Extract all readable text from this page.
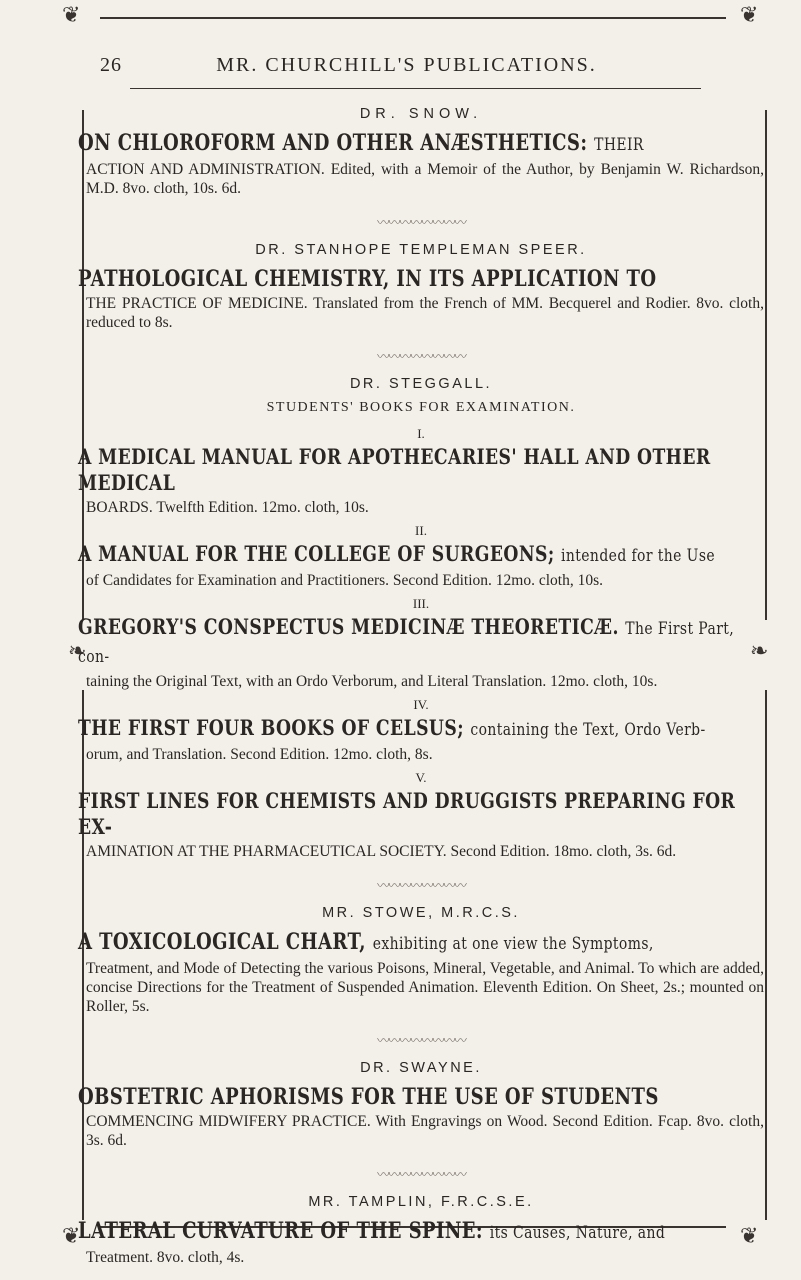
❦	❦
❦	❦
❧	❧
26	MR. CHURCHILL'S PUBLICATIONS.
DR. SNOW.
ON CHLOROFORM AND OTHER ANÆSTHETICS: THEIR
ACTION AND ADMINISTRATION. Edited, with a Memoir of the Author, by Benjamin W. Richardson, M.D. 8vo. cloth, 10s. 6d.
〰〰〰〰〰〰〰〰
DR. STANHOPE TEMPLEMAN SPEER.
PATHOLOGICAL CHEMISTRY, IN ITS APPLICATION TO
THE PRACTICE OF MEDICINE. Translated from the French of MM. Becquerel and Rodier. 8vo. cloth, reduced to 8s.
〰〰〰〰〰〰〰〰
DR. STEGGALL.
STUDENTS' BOOKS FOR EXAMINATION.
I.
A MEDICAL MANUAL FOR APOTHECARIES' HALL AND OTHER MEDICAL
BOARDS. Twelfth Edition. 12mo. cloth, 10s.
II.
A MANUAL FOR THE COLLEGE OF SURGEONS; intended for the Use
of Candidates for Examination and Practitioners. Second Edition. 12mo. cloth, 10s.
III.
GREGORY'S CONSPECTUS MEDICINÆ THEORETICÆ. The First Part, con-
taining the Original Text, with an Ordo Verborum, and Literal Translation. 12mo. cloth, 10s.
IV.
THE FIRST FOUR BOOKS OF CELSUS; containing the Text, Ordo Verb-
orum, and Translation. Second Edition. 12mo. cloth, 8s.
V.
FIRST LINES FOR CHEMISTS AND DRUGGISTS PREPARING FOR EX-
AMINATION AT THE PHARMACEUTICAL SOCIETY. Second Edition. 18mo. cloth, 3s. 6d.
〰〰〰〰〰〰〰〰
MR. STOWE, M.R.C.S.
A TOXICOLOGICAL CHART, exhibiting at one view the Symptoms,
Treatment, and Mode of Detecting the various Poisons, Mineral, Vegetable, and Animal. To which are added, concise Directions for the Treatment of Suspended Animation. Eleventh Edition. On Sheet, 2s.; mounted on Roller, 5s.
〰〰〰〰〰〰〰〰
DR. SWAYNE.
OBSTETRIC APHORISMS FOR THE USE OF STUDENTS
COMMENCING MIDWIFERY PRACTICE. With Engravings on Wood. Second Edition. Fcap. 8vo. cloth, 3s. 6d.
〰〰〰〰〰〰〰〰
MR. TAMPLIN, F.R.C.S.E.
LATERAL CURVATURE OF THE SPINE: its Causes, Nature, and
Treatment. 8vo. cloth, 4s.
